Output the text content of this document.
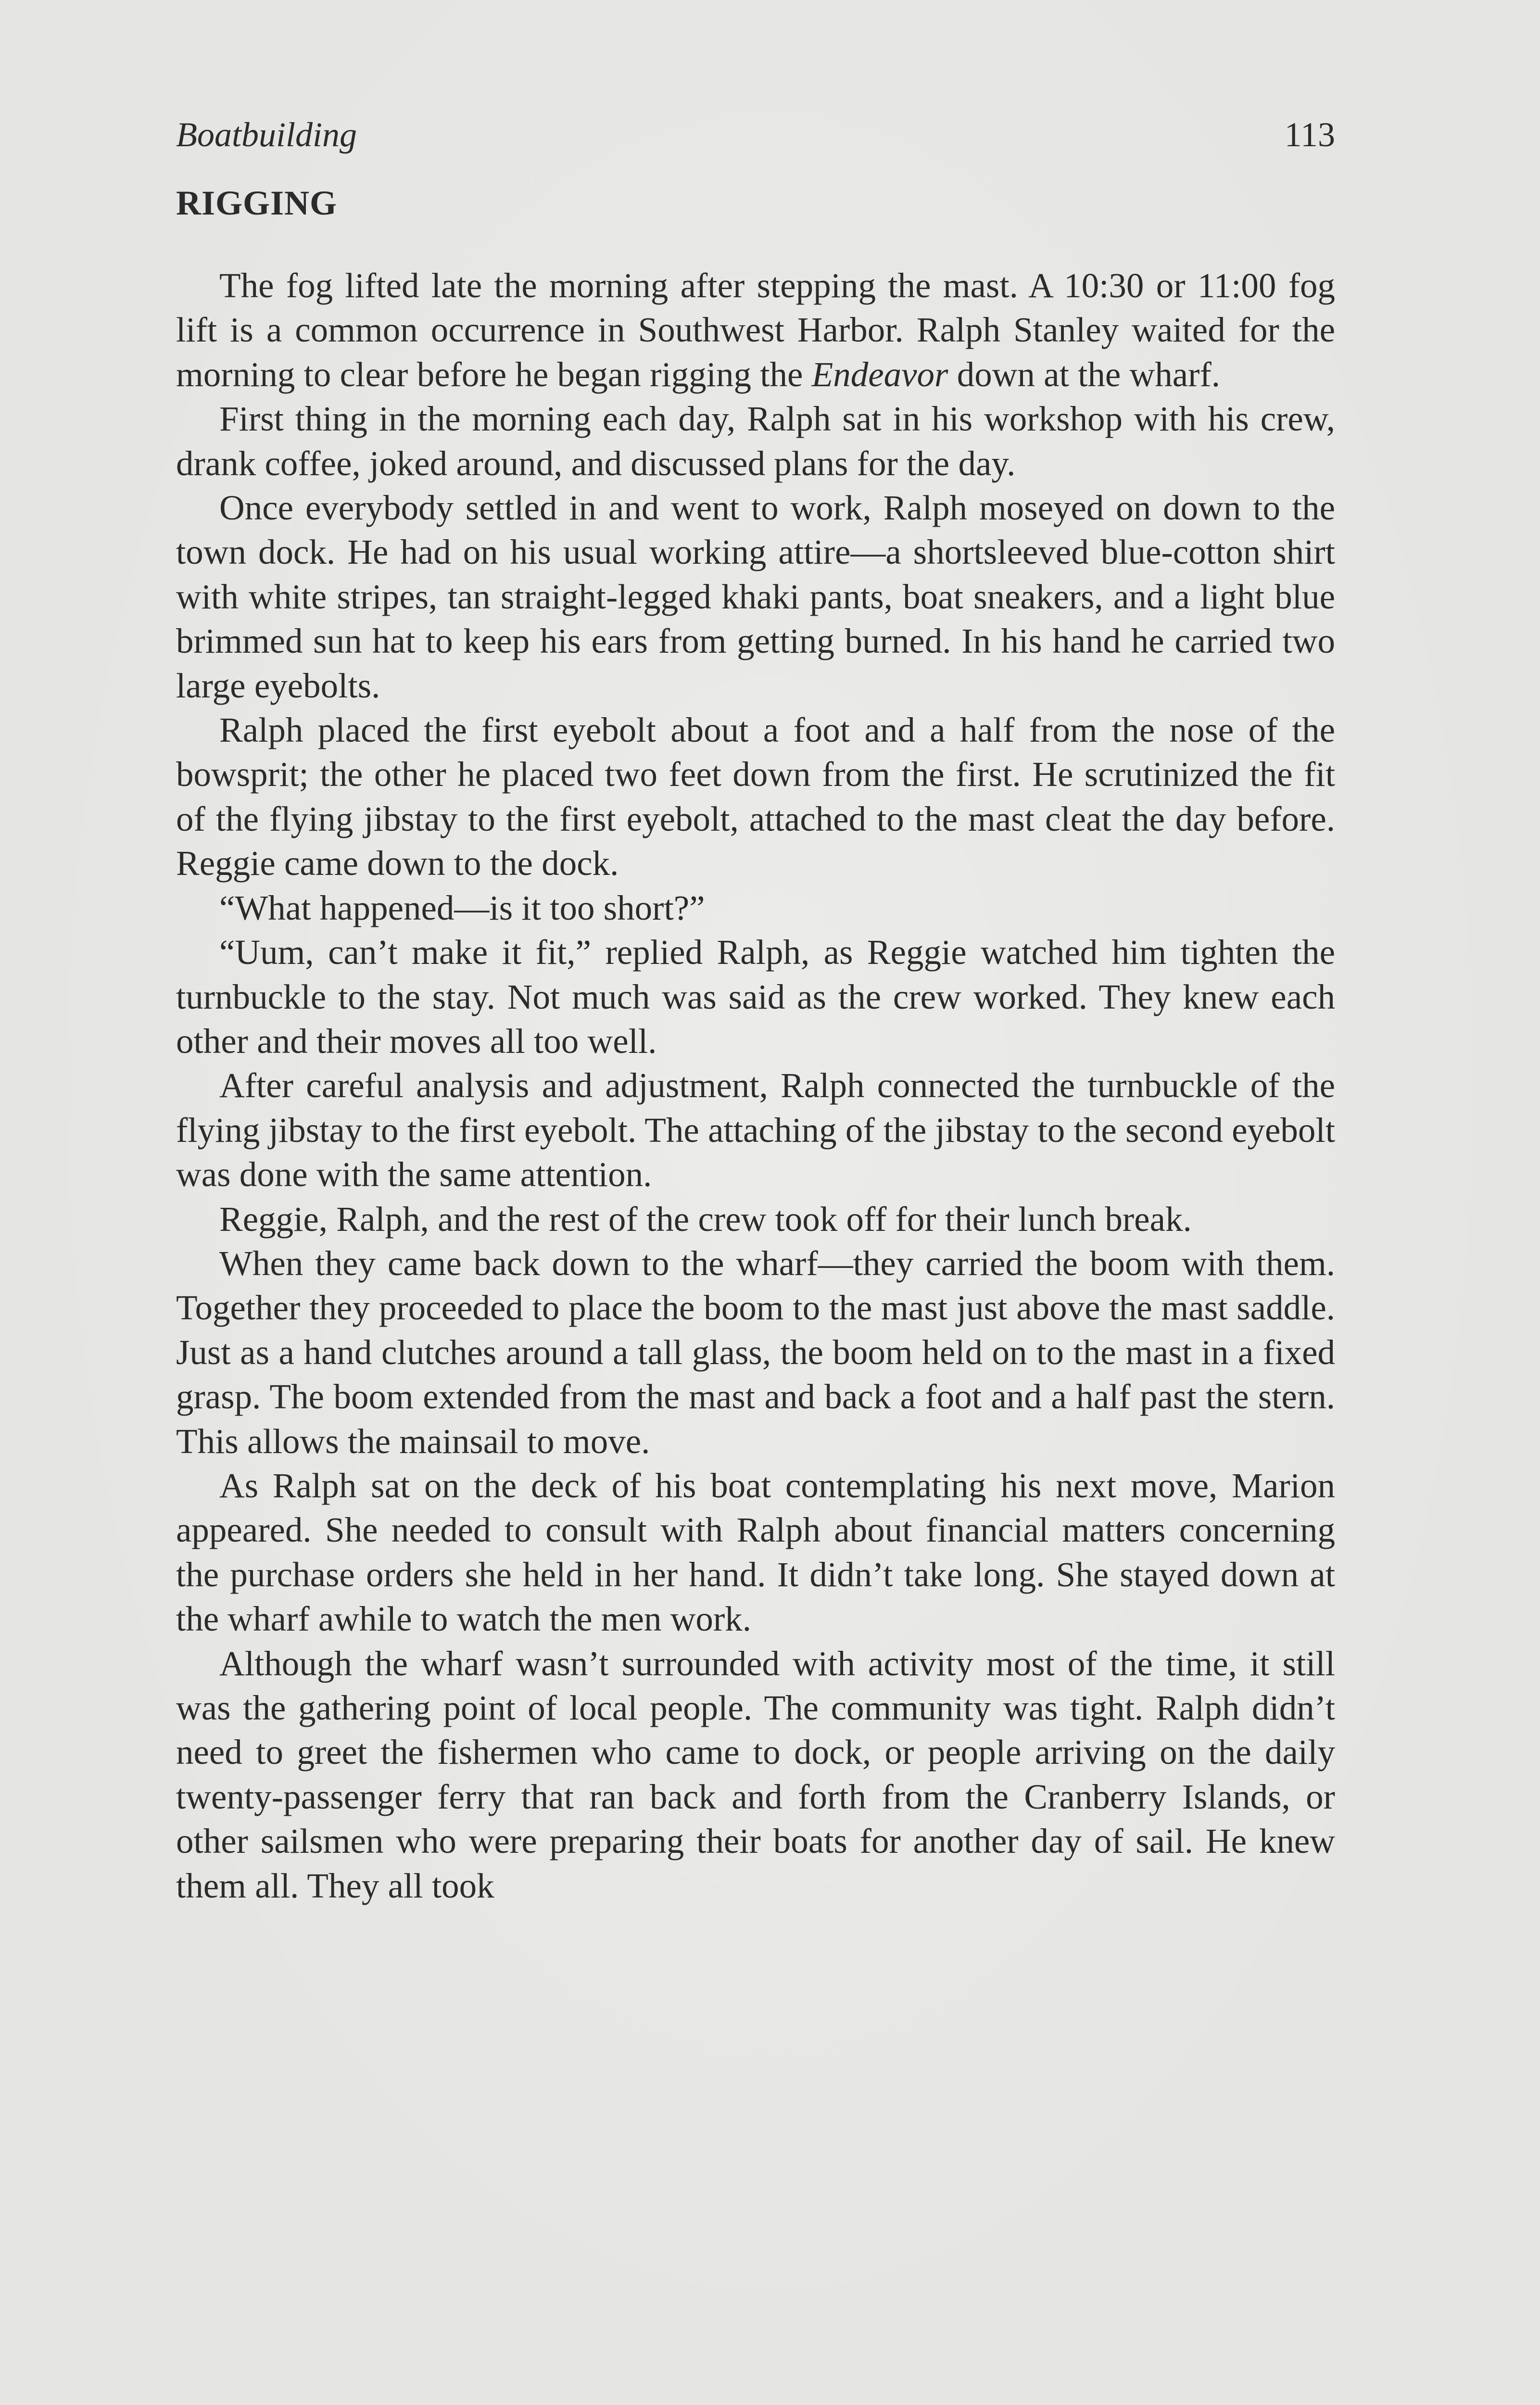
Boatbuilding	113
RIGGING

The fog lifted late the morning after stepping the mast. A 10:30 or 11:00 fog lift is a common occurrence in Southwest Harbor. Ralph Stanley waited for the morning to clear before he began rigging the Endeavor down at the wharf.

First thing in the morning each day, Ralph sat in his workshop with his crew, drank coffee, joked around, and discussed plans for the day.

Once everybody settled in and went to work, Ralph moseyed on down to the town dock. He had on his usual working attire—a shortsleeved blue-cotton shirt with white stripes, tan straight-legged khaki pants, boat sneakers, and a light blue brimmed sun hat to keep his ears from getting burned. In his hand he carried two large eyebolts.

Ralph placed the first eyebolt about a foot and a half from the nose of the bowsprit; the other he placed two feet down from the first. He scrutinized the fit of the flying jibstay to the first eyebolt, attached to the mast cleat the day before. Reggie came down to the dock.

“What happened—is it too short?”

“Uum, can’t make it fit,” replied Ralph, as Reggie watched him tighten the turnbuckle to the stay. Not much was said as the crew worked. They knew each other and their moves all too well.

After careful analysis and adjustment, Ralph connected the turnbuckle of the flying jibstay to the first eyebolt. The attaching of the jibstay to the second eyebolt was done with the same attention.

Reggie, Ralph, and the rest of the crew took off for their lunch break.

When they came back down to the wharf—they carried the boom with them. Together they proceeded to place the boom to the mast just above the mast saddle. Just as a hand clutches around a tall glass, the boom held on to the mast in a fixed grasp. The boom extended from the mast and back a foot and a half past the stern. This allows the mainsail to move.

As Ralph sat on the deck of his boat contemplating his next move, Marion appeared. She needed to consult with Ralph about financial matters concerning the purchase orders she held in her hand. It didn’t take long. She stayed down at the wharf awhile to watch the men work.

Although the wharf wasn’t surrounded with activity most of the time, it still was the gathering point of local people. The community was tight. Ralph didn’t need to greet the fishermen who came to dock, or people arriving on the daily twenty-passenger ferry that ran back and forth from the Cranberry Islands, or other sailsmen who were preparing their boats for another day of sail. He knew them all. They all took
